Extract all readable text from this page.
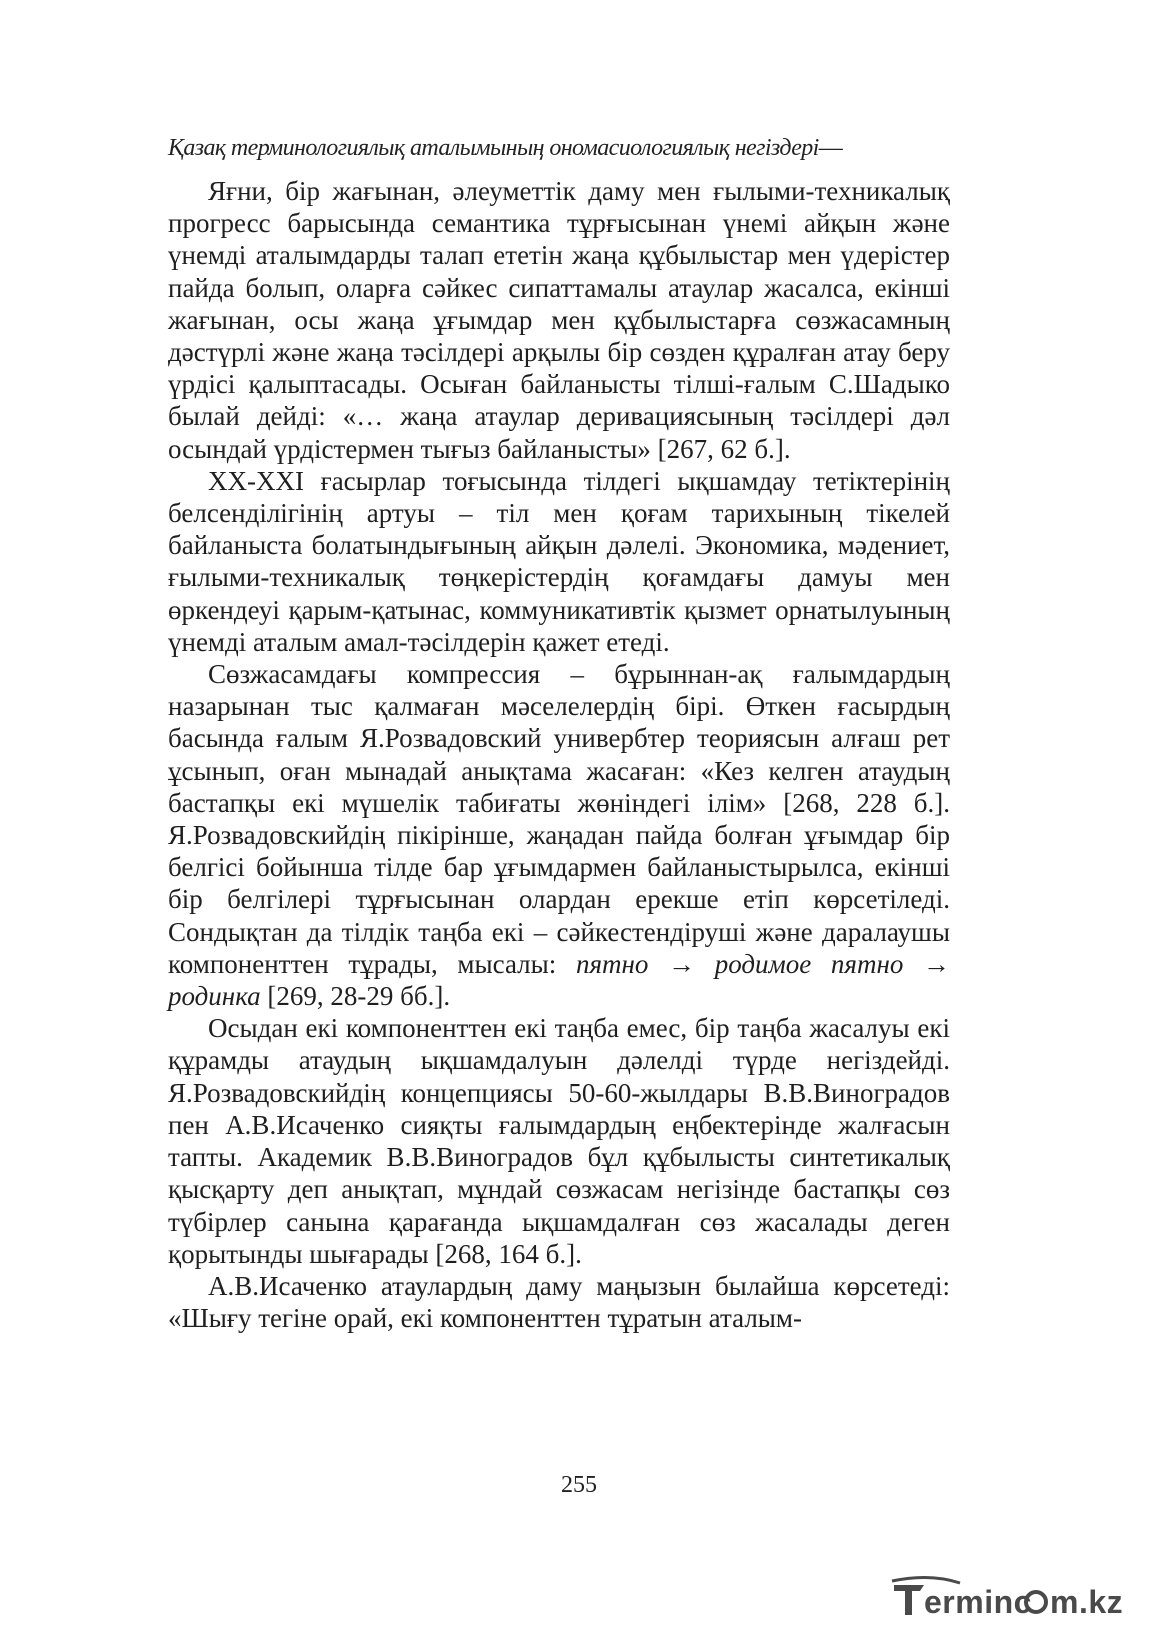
Қазақ терминологиялық аталымының ономасиологиялық негіздері—

Яғни, бір жағынан, әлеуметтік даму мен ғылыми-техникалық прогресс барысында семантика тұрғысынан үнемі айқын және үнемді аталымдарды талап ететін жаңа құбылыстар мен үдерістер пайда болып, оларға сәйкес сипаттамалы атаулар жасалса, екінші жағынан, осы жаңа ұғымдар мен құбылыстарға сөзжасамның дәстүрлі және жаңа тәсілдері арқылы бір сөзден құралған атау беру үрдісі қалыптасады. Осыған байланысты тілші-ғалым С.Шадыко былай дейді: «… жаңа атаулар деривациясының тәсілдері дәл осындай үрдістермен тығыз байланысты» [267, 62 б.].

XX-XXI ғасырлар тоғысында тілдегі ықшамдау тетіктерінің белсенділігінің артуы – тіл мен қоғам тарихының тікелей байланыста болатындығының айқын дәлелі. Экономика, мәдениет, ғылыми-техникалық төңкерістердің қоғамдағы дамуы мен өркендеуі қарым-қатынас, коммуникативтік қызмет орнатылуының үнемді аталым амал-тәсілдерін қажет етеді.

Сөзжасамдағы компрессия – бұрыннан-ақ ғалымдардың назарынан тыс қалмаған мәселелердің бірі. Өткен ғасырдың басында ғалым Я.Розвадовский универбтер теориясын алғаш рет ұсынып, оған мынадай анықтама жасаған: «Кез келген атаудың бастапқы екі мүшелік табиғаты жөніндегі ілім» [268, 228 б.]. Я.Розвадовскийдің пікірінше, жаңадан пайда болған ұғымдар бір белгісі бойынша тілде бар ұғымдармен байланыстырылса, екінші бір белгілері тұрғысынан олардан ерекше етіп көрсетіледі. Сондықтан да тілдік таңба екі – сәйкестендіруші және даралаушы компоненттен тұрады, мысалы: пятно → родимое пятно → родинка [269, 28-29 бб.].

Осыдан екі компоненттен екі таңба емес, бір таңба жасалуы екі құрамды атаудың ықшамдалуын дәлелді түрде негіздейді. Я.Розвадовскийдің концепциясы 50-60-жылдары В.В.Виноградов пен А.В.Исаченко сияқты ғалымдардың еңбектерінде жалғасын тапты. Академик В.В.Виноградов бұл құбылысты синтетикалық қысқарту деп анықтап, мұндай сөзжасам негізінде бастапқы сөз түбірлер санына қарағанда ықшамдалған сөз жасалады деген қорытынды шығарады [268, 164 б.].

А.В.Исаченко атаулардың даму маңызын былайша көрсетеді: «Шығу тегіне орай, екі компоненттен тұратын аталым-

255
erminc m.kz
